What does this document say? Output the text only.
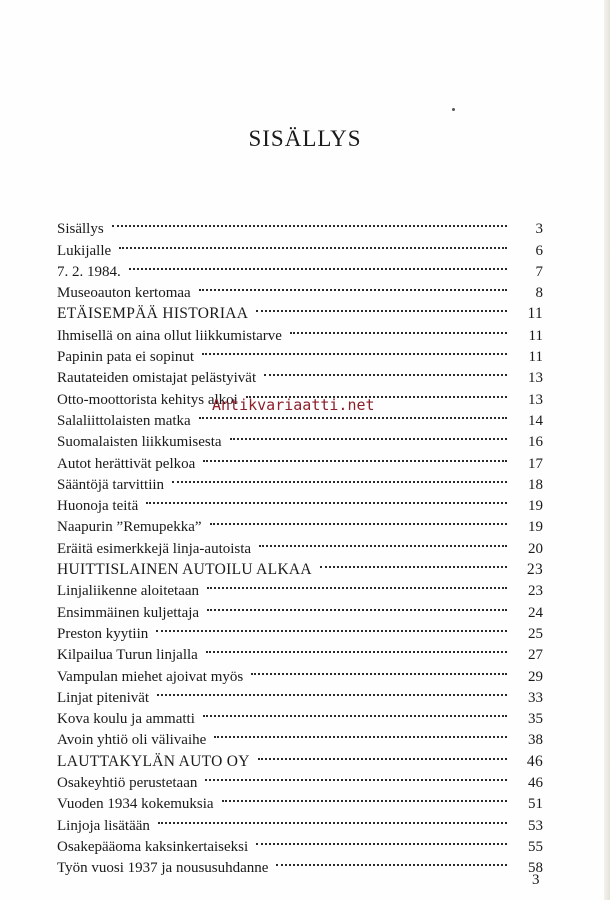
SISÄLLYS
Sisällys	3
Lukijalle	6
7. 2. 1984.	7
Museoauton kertomaa	8
ETÄISEMPÄÄ HISTORIAA	11
Ihmisellä on aina ollut liikkumistarve	11
Papinin pata ei sopinut	11
Rautateiden omistajat pelästyivät	13
Otto-moottorista kehitys alkoi	13
Salaliittolaisten matka	14
Suomalaisten liikkumisesta	16
Autot herättivät pelkoa	17
Sääntöjä tarvittiin	18
Huonoja teitä	19
Naapurin ”Remupekka”	19
Eräitä esimerkkejä linja-autoista	20
HUITTISLAINEN AUTOILU ALKAA	23
Linjaliikenne aloitetaan	23
Ensimmäinen kuljettaja	24
Preston kyytiin	25
Kilpailua Turun linjalla	27
Vampulan miehet ajoivat myös	29
Linjat pitenivät	33
Kova koulu ja ammatti	35
Avoin yhtiö oli välivaihe	38
LAUTTAKYLÄN AUTO OY	46
Osakeyhtiö perustetaan	46
Vuoden 1934 kokemuksia	51
Linjoja lisätään	53
Osakepääoma kaksinkertaiseksi	55
Työn vuosi 1937 ja noususuhdanne	58
Antikvariaatti.net
3
